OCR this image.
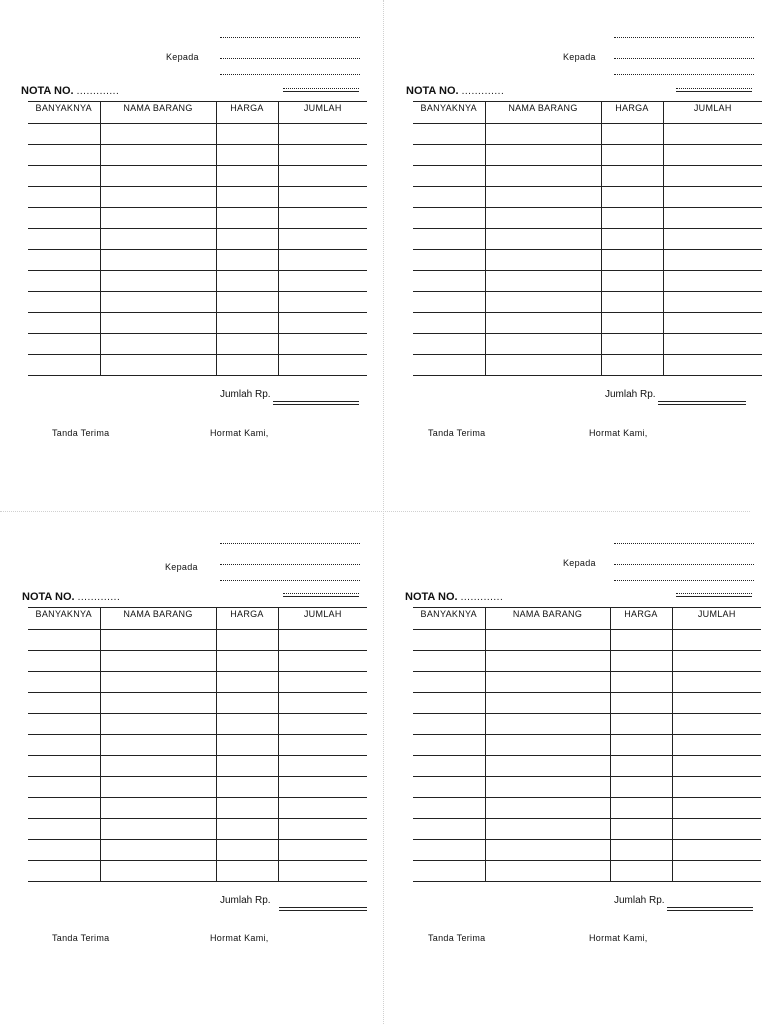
Kepada
NOTA NO. .............
BANYAKNYA	NAMA BARANG	HARGA	JUMLAH

Jumlah Rp.
Tanda Terima	Hormat Kami,
Kepada
NOTA NO. .............
BANYAKNYA	NAMA BARANG	HARGA	JUMLAH

Jumlah Rp.
Tanda Terima	Hormat Kami,
Kepada
NOTA NO. .............
BANYAKNYA	NAMA BARANG	HARGA	JUMLAH

Jumlah Rp.
Tanda Terima	Hormat Kami,
Kepada
NOTA NO. .............
BANYAKNYA	NAMA BARANG	HARGA	JUMLAH

Jumlah Rp.
Tanda Terima	Hormat Kami,
